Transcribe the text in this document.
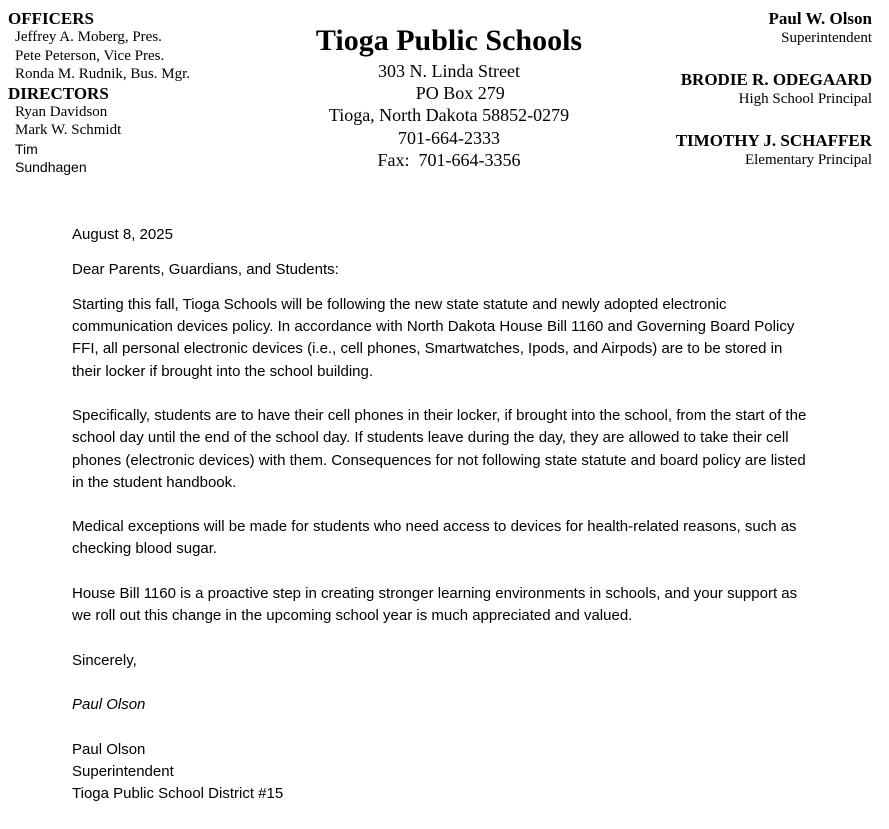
OFFICERS
Jeffrey A. Moberg, Pres.
Pete Peterson, Vice Pres.
Ronda M. Rudnik, Bus. Mgr.
DIRECTORS
Ryan Davidson
Mark W. Schmidt
Tim
Sundhagen
Tioga Public Schools
303 N. Linda Street
PO Box 279
Tioga, North Dakota 58852-0279
701-664-2333
Fax:  701-664-3356
Paul W. Olson
Superintendent
BRODIE R. ODEGAARD
High School Principal
TIMOTHY J. SCHAFFER
Elementary Principal

August 8, 2025

Dear Parents, Guardians, and Students:

Starting this fall, Tioga Schools will be following the new state statute and newly adopted electronic communication devices policy. In accordance with North Dakota House Bill 1160 and Governing Board Policy FFI, all personal electronic devices (i.e., cell phones, Smartwatches, Ipods, and Airpods) are to be stored in their locker if brought into the school building.

Specifically, students are to have their cell phones in their locker, if brought into the school, from the start of the school day until the end of the school day. If students leave during the day, they are allowed to take their cell phones (electronic devices) with them. Consequences for not following state statute and board policy are listed in the student handbook.

Medical exceptions will be made for students who need access to devices for health-related reasons, such as checking blood sugar.

House Bill 1160 is a proactive step in creating stronger learning environments in schools, and your support as we roll out this change in the upcoming school year is much appreciated and valued.

Sincerely,

Paul Olson

Paul Olson

Superintendent

Tioga Public School District #15
